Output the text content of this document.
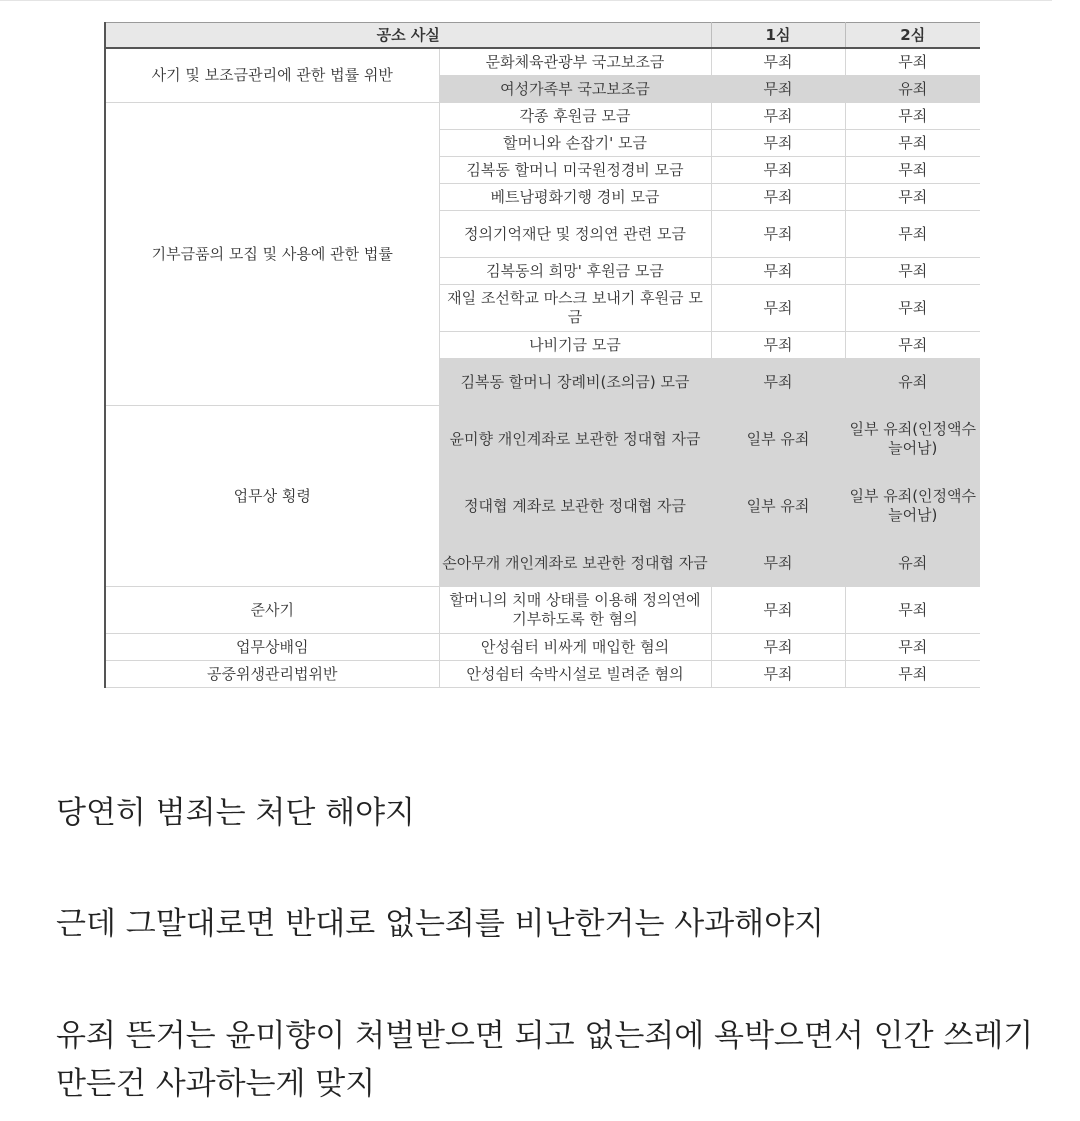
공소 사실		1심	2심
사기 및 보조금관리에 관한 법률 위반	문화체육관광부 국고보조금	무죄	무죄
	여성가족부 국고보조금	무죄	유죄
기부금품의 모집 및 사용에 관한 법률	각종 후원금 모금	무죄	무죄
	할머니와 손잡기' 모금	무죄	무죄
	김복동 할머니 미국원정경비 모금	무죄	무죄
	베트남평화기행 경비 모금	무죄	무죄
	정의기억재단 및 정의연 관련 모금	무죄	무죄
	김복동의 희망' 후원금 모금	무죄	무죄
	재일 조선학교 마스크 보내기 후원금 모금	무죄	무죄
	나비기금 모금	무죄	무죄
	김복동 할머니 장례비(조의금) 모금	무죄	유죄
업무상 횡령	윤미향 개인계좌로 보관한 정대협 자금	일부 유죄	일부 유죄(인정액수 늘어남)
	정대협 계좌로 보관한 정대협 자금	일부 유죄	일부 유죄(인정액수 늘어남)
	손아무개 개인계좌로 보관한 정대협 자금	무죄	유죄
준사기	할머니의 치매 상태를 이용해 정의연에 기부하도록 한 혐의	무죄	무죄
업무상배임	안성쉼터 비싸게 매입한 혐의	무죄	무죄
공중위생관리법위반	안성쉼터 숙박시설로 빌려준 혐의	무죄	무죄

당연히 범죄는 처단 해야지

근데 그말대로면 반대로 없는죄를 비난한거는 사과해야지

유죄 뜬거는 윤미향이 처벌받으면 되고 없는죄에 욕박으면서 인간 쓰레기 만든건 사과하는게 맞지
